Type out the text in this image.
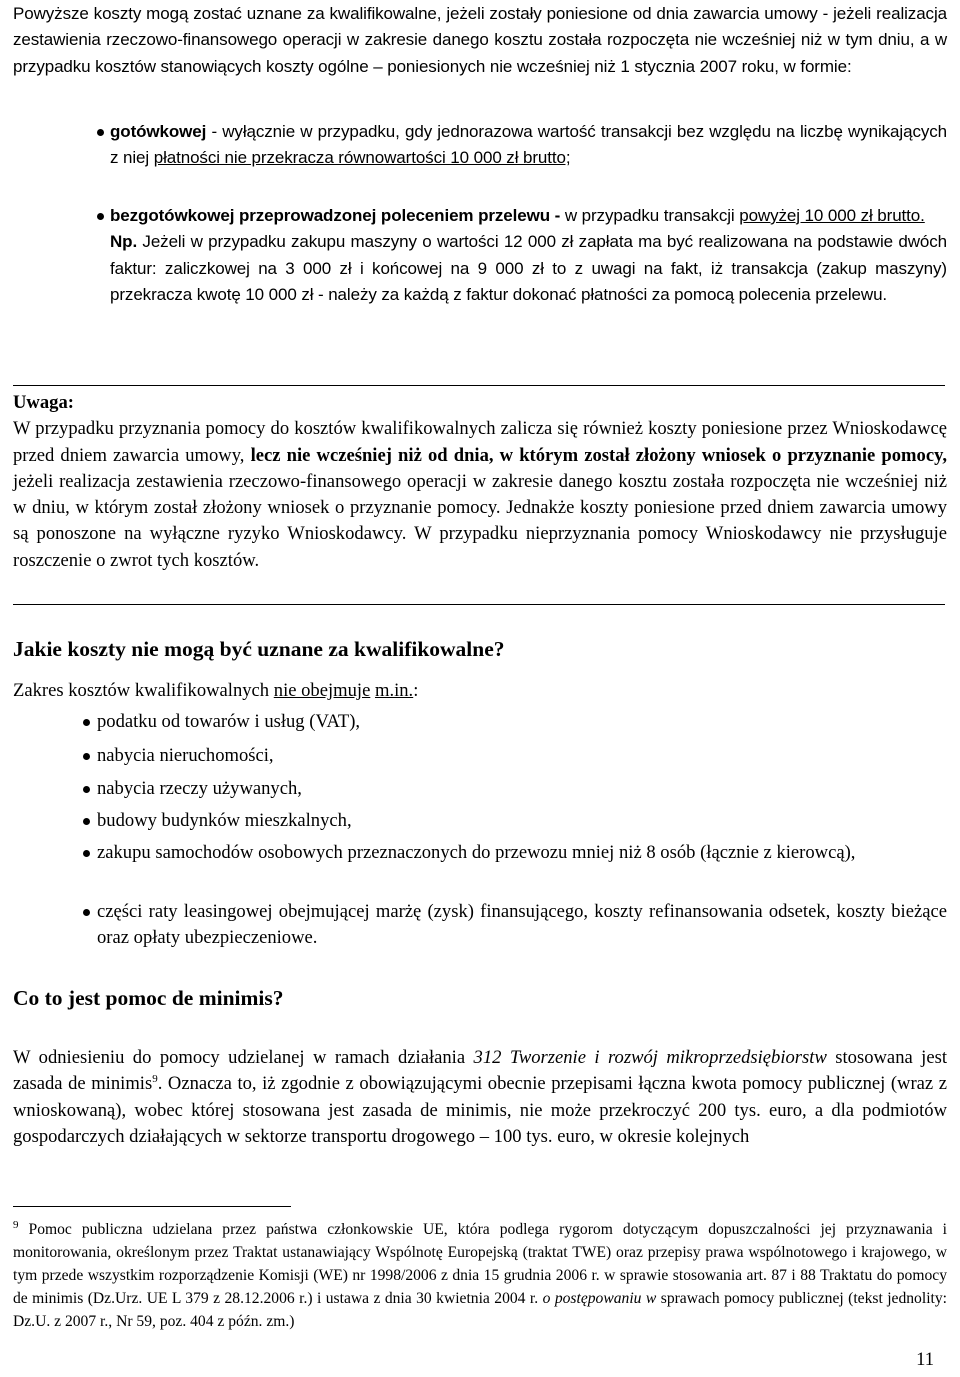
Powyższe koszty mogą zostać uznane za kwalifikowalne, jeżeli zostały poniesione od dnia zawarcia umowy - jeżeli realizacja zestawienia rzeczowo-finansowego operacji w zakresie danego kosztu została rozpoczęta nie wcześniej niż w tym dniu, a w przypadku kosztów stanowiących koszty ogólne – poniesionych nie wcześniej niż 1 stycznia 2007 roku, w formie:

gotówkowej - wyłącznie w przypadku, gdy jednorazowa wartość transakcji bez względu na liczbę wynikających z niej płatności nie przekracza równowartości 10 000 zł brutto;
bezgotówkowej przeprowadzonej poleceniem przelewu - w przypadku transakcji powyżej 10 000 zł brutto.
Np. Jeżeli w przypadku zakupu maszyny o wartości 12 000 zł zapłata ma być realizowana na podstawie dwóch faktur: zaliczkowej na 3 000 zł i końcowej na 9 000 zł to z uwagi na fakt, iż transakcja (zakup maszyny) przekracza kwotę 10 000 zł - należy za każdą z faktur dokonać płatności za pomocą polecenia przelewu.
Uwaga:
W przypadku przyznania pomocy do kosztów kwalifikowalnych zalicza się również koszty poniesione przez Wnioskodawcę przed dniem zawarcia umowy, lecz nie wcześniej niż od dnia, w którym został złożony wniosek o przyznanie pomocy, jeżeli realizacja zestawienia rzeczowo-finansowego operacji w zakresie danego kosztu została rozpoczęta nie wcześniej niż w dniu, w którym został złożony wniosek o przyznanie pomocy. Jednakże koszty poniesione przed dniem zawarcia umowy są ponoszone na wyłączne ryzyko Wnioskodawcy. W przypadku nieprzyznania pomocy Wnioskodawcy nie przysługuje roszczenie o zwrot tych kosztów.
Jakie koszty nie mogą być uznane za kwalifikowalne?

Zakres kosztów kwalifikowalnych nie obejmuje m.in.:

podatku od towarów i usług (VAT),
nabycia nieruchomości,
nabycia rzeczy używanych,
budowy budynków mieszkalnych,
zakupu samochodów osobowych przeznaczonych do przewozu mniej niż 8 osób (łącznie z kierowcą),
części raty leasingowej obejmującej marżę (zysk) finansującego, koszty refinansowania odsetek, koszty bieżące oraz opłaty ubezpieczeniowe.
Co to jest pomoc de minimis?

W odniesieniu do pomocy udzielanej w ramach działania 312 Tworzenie i rozwój mikroprzedsiębiorstw stosowana jest zasada de minimis$^9$. Oznacza to, iż zgodnie z obowiązującymi obecnie przepisami łączna kwota pomocy publicznej (wraz z wnioskowaną), wobec której stosowana jest zasada de minimis, nie może przekroczyć 200 tys. euro, a dla podmiotów gospodarczych działających w sektorze transportu drogowego – 100 tys. euro, w okresie kolejnych

$^9$ Pomoc publiczna udzielana przez państwa członkowskie UE, która podlega rygorom dotyczącym dopuszczalności jej przyznawania i monitorowania, określonym przez Traktat ustanawiający Wspólnotę Europejską (traktat TWE) oraz przepisy prawa wspólnotowego i krajowego, w tym przede wszystkim rozporządzenie Komisji (WE) nr 1998/2006 z dnia 15 grudnia 2006 r. w sprawie stosowania art. 87 i 88 Traktatu do pomocy de minimis (Dz.Urz. UE L 379 z 28.12.2006 r.) i ustawa z dnia 30 kwietnia 2004 r. o postępowaniu w sprawach pomocy publicznej (tekst jednolity: Dz.U. z 2007 r., Nr 59, poz. 404 z późn. zm.)
11
